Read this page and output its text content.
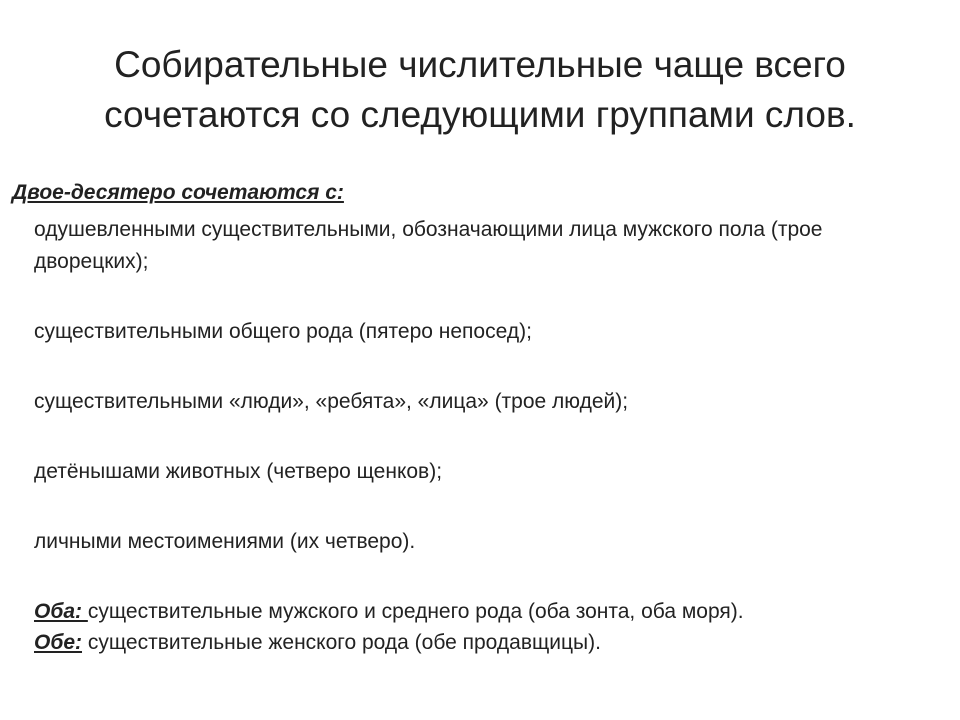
Собирательные числительные чаще всего
сочетаются со следующими группами слов.

Двое-десятеро сочетаются с:

одушевленными существительными, обозначающими лица мужского пола (трое дворецких);
существительными общего рода (пятеро непосед);
существительными «люди», «ребята», «лица» (трое людей);
детёнышами животных (четверо щенков);
личными местоимениями (их четверо).
Оба: существительные мужского и среднего рода (оба зонта, оба моря).
Обе: существительные женского рода (обе продавщицы).
